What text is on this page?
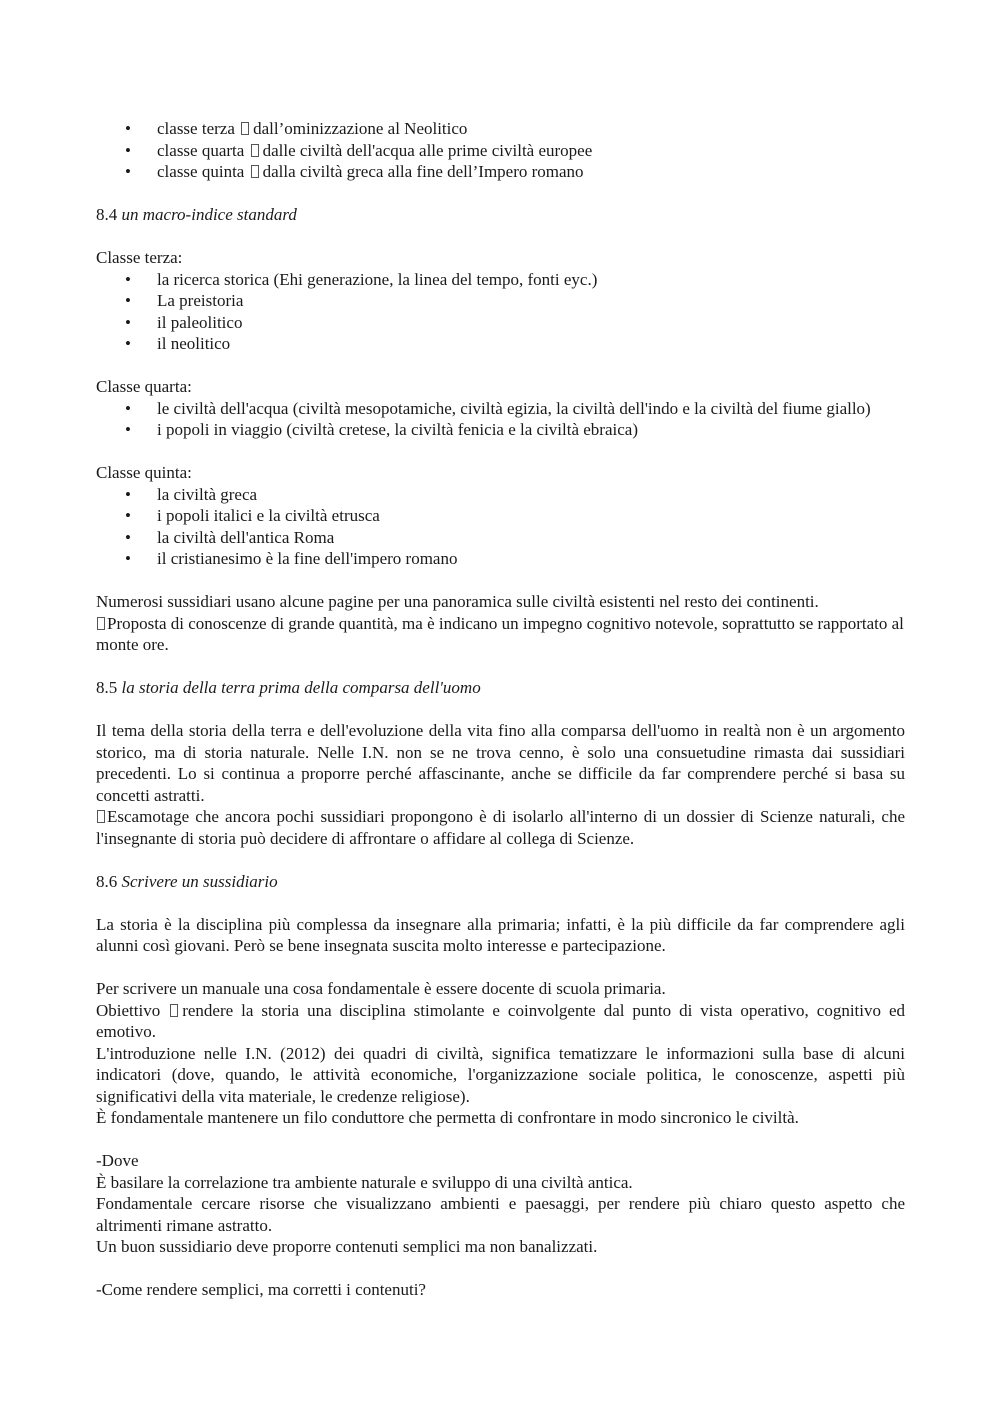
• classe terza dall’ominizzazione al Neolitico
• classe quarta dalle civiltà dell'acqua alle prime civiltà europee
• classe quinta dalla civiltà greca alla fine dell’Impero romano

8.4 un macro-indice standard

Classe terza:

• la ricerca storica (Ehi generazione, la linea del tempo, fonti eyc.)
• La preistoria
• il paleolitico
• il neolitico

Classe quarta:

• le civiltà dell'acqua (civiltà mesopotamiche, civiltà egizia, la civiltà dell'indo e la civiltà del fiume giallo)
• i popoli in viaggio (civiltà cretese, la civiltà fenicia e la civiltà ebraica)

Classe quinta:

• la civiltà greca
• i popoli italici e la civiltà etrusca
• la civiltà dell'antica Roma
• il cristianesimo è la fine dell'impero romano

Numerosi sussidiari usano alcune pagine per una panoramica sulle civiltà esistenti nel resto dei continenti.

Proposta di conoscenze di grande quantità, ma è indicano un impegno cognitivo notevole, soprattutto se rapportato al monte ore.

8.5 la storia della terra prima della comparsa dell'uomo

Il tema della storia della terra e dell'evoluzione della vita fino alla comparsa dell'uomo in realtà non è un argomento storico, ma di storia naturale. Nelle I.N. non se ne trova cenno, è solo una consuetudine rimasta dai sussidiari precedenti. Lo si continua a proporre perché affascinante, anche se difficile da far comprendere perché si basa su concetti astratti.

Escamotage che ancora pochi sussidiari propongono è di isolarlo all'interno di un dossier di Scienze naturali, che l'insegnante di storia può decidere di affrontare o affidare al collega di Scienze.

8.6 Scrivere un sussidiario

La storia è la disciplina più complessa da insegnare alla primaria; infatti, è la più difficile da far comprendere agli alunni così giovani. Però se bene insegnata suscita molto interesse e partecipazione.

Per scrivere un manuale una cosa fondamentale è essere docente di scuola primaria.

Obiettivo rendere la storia una disciplina stimolante e coinvolgente dal punto di vista operativo, cognitivo ed emotivo.

L'introduzione nelle I.N. (2012) dei quadri di civiltà, significa tematizzare le informazioni sulla base di alcuni indicatori (dove, quando, le attività economiche, l'organizzazione sociale politica, le conoscenze, aspetti più significativi della vita materiale, le credenze religiose).

È fondamentale mantenere un filo conduttore che permetta di confrontare in modo sincronico le civiltà.

-Dove

È basilare la correlazione tra ambiente naturale e sviluppo di una civiltà antica.

Fondamentale cercare risorse che visualizzano ambienti e paesaggi, per rendere più chiaro questo aspetto che altrimenti rimane astratto.

Un buon sussidiario deve proporre contenuti semplici ma non banalizzati.

-Come rendere semplici, ma corretti i contenuti?
